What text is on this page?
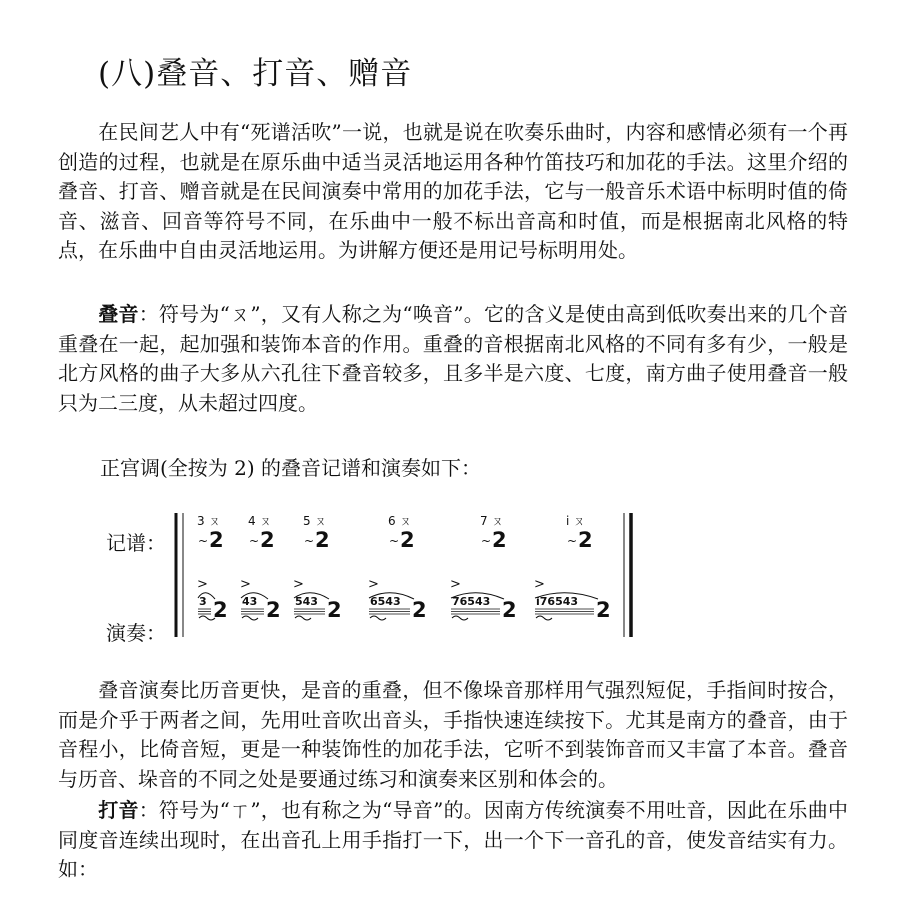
(八)叠音、打音、赠音

在民间艺人中有“死谱活吹”一说，也就是说在吹奏乐曲时，内容和感情必须有一个再创造的过程，也就是在原乐曲中适当灵活地运用各种竹笛技巧和加花的手法。这里介绍的叠音、打音、赠音就是在民间演奏中常用的加花手法，它与一般音乐术语中标明时值的倚音、滋音、回音等符号不同，在乐曲中一般不标出音高和时值，而是根据南北风格的特点，在乐曲中自由灵活地运用。为讲解方便还是用记号标明用处。

叠音：符号为“ㄡ”，又有人称之为“唤音”。它的含义是使由高到低吹奏出来的几个音重叠在一起，起加强和装饰本音的作用。重叠的音根据南北风格的不同有多有少，一般是北方风格的曲子大多从六孔往下叠音较多，且多半是六度、七度，南方曲子使用叠音一般只为二三度，从未超过四度。

正宫调(全按为 2) 的叠音记谱和演奏如下：
记谱：
演奏：
3 ㄡ
~ 2
4 ㄡ
~ 2
5 ㄡ
~ 2
6 ㄡ
~ 2
7 ㄡ
~ 2
i ㄡ
~ 2
>
3 2
>
43 2
>
543 2
>
6543 2
>
76543 2
>
i76543 2

叠音演奏比历音更快，是音的重叠，但不像垛音那样用气强烈短促，手指间时按合，而是介乎于两者之间，先用吐音吹出音头，手指快速连续按下。尤其是南方的叠音，由于音程小，比倚音短，更是一种装饰性的加花手法，它听不到装饰音而又丰富了本音。叠音与历音、垛音的不同之处是要通过练习和演奏来区别和体会的。

打音：符号为“ㄒ”，也有称之为“导音”的。因南方传统演奏不用吐音，因此在乐曲中同度音连续出现时，在出音孔上用手指打一下，出一个下一音孔的音，使发音结实有力。如：
